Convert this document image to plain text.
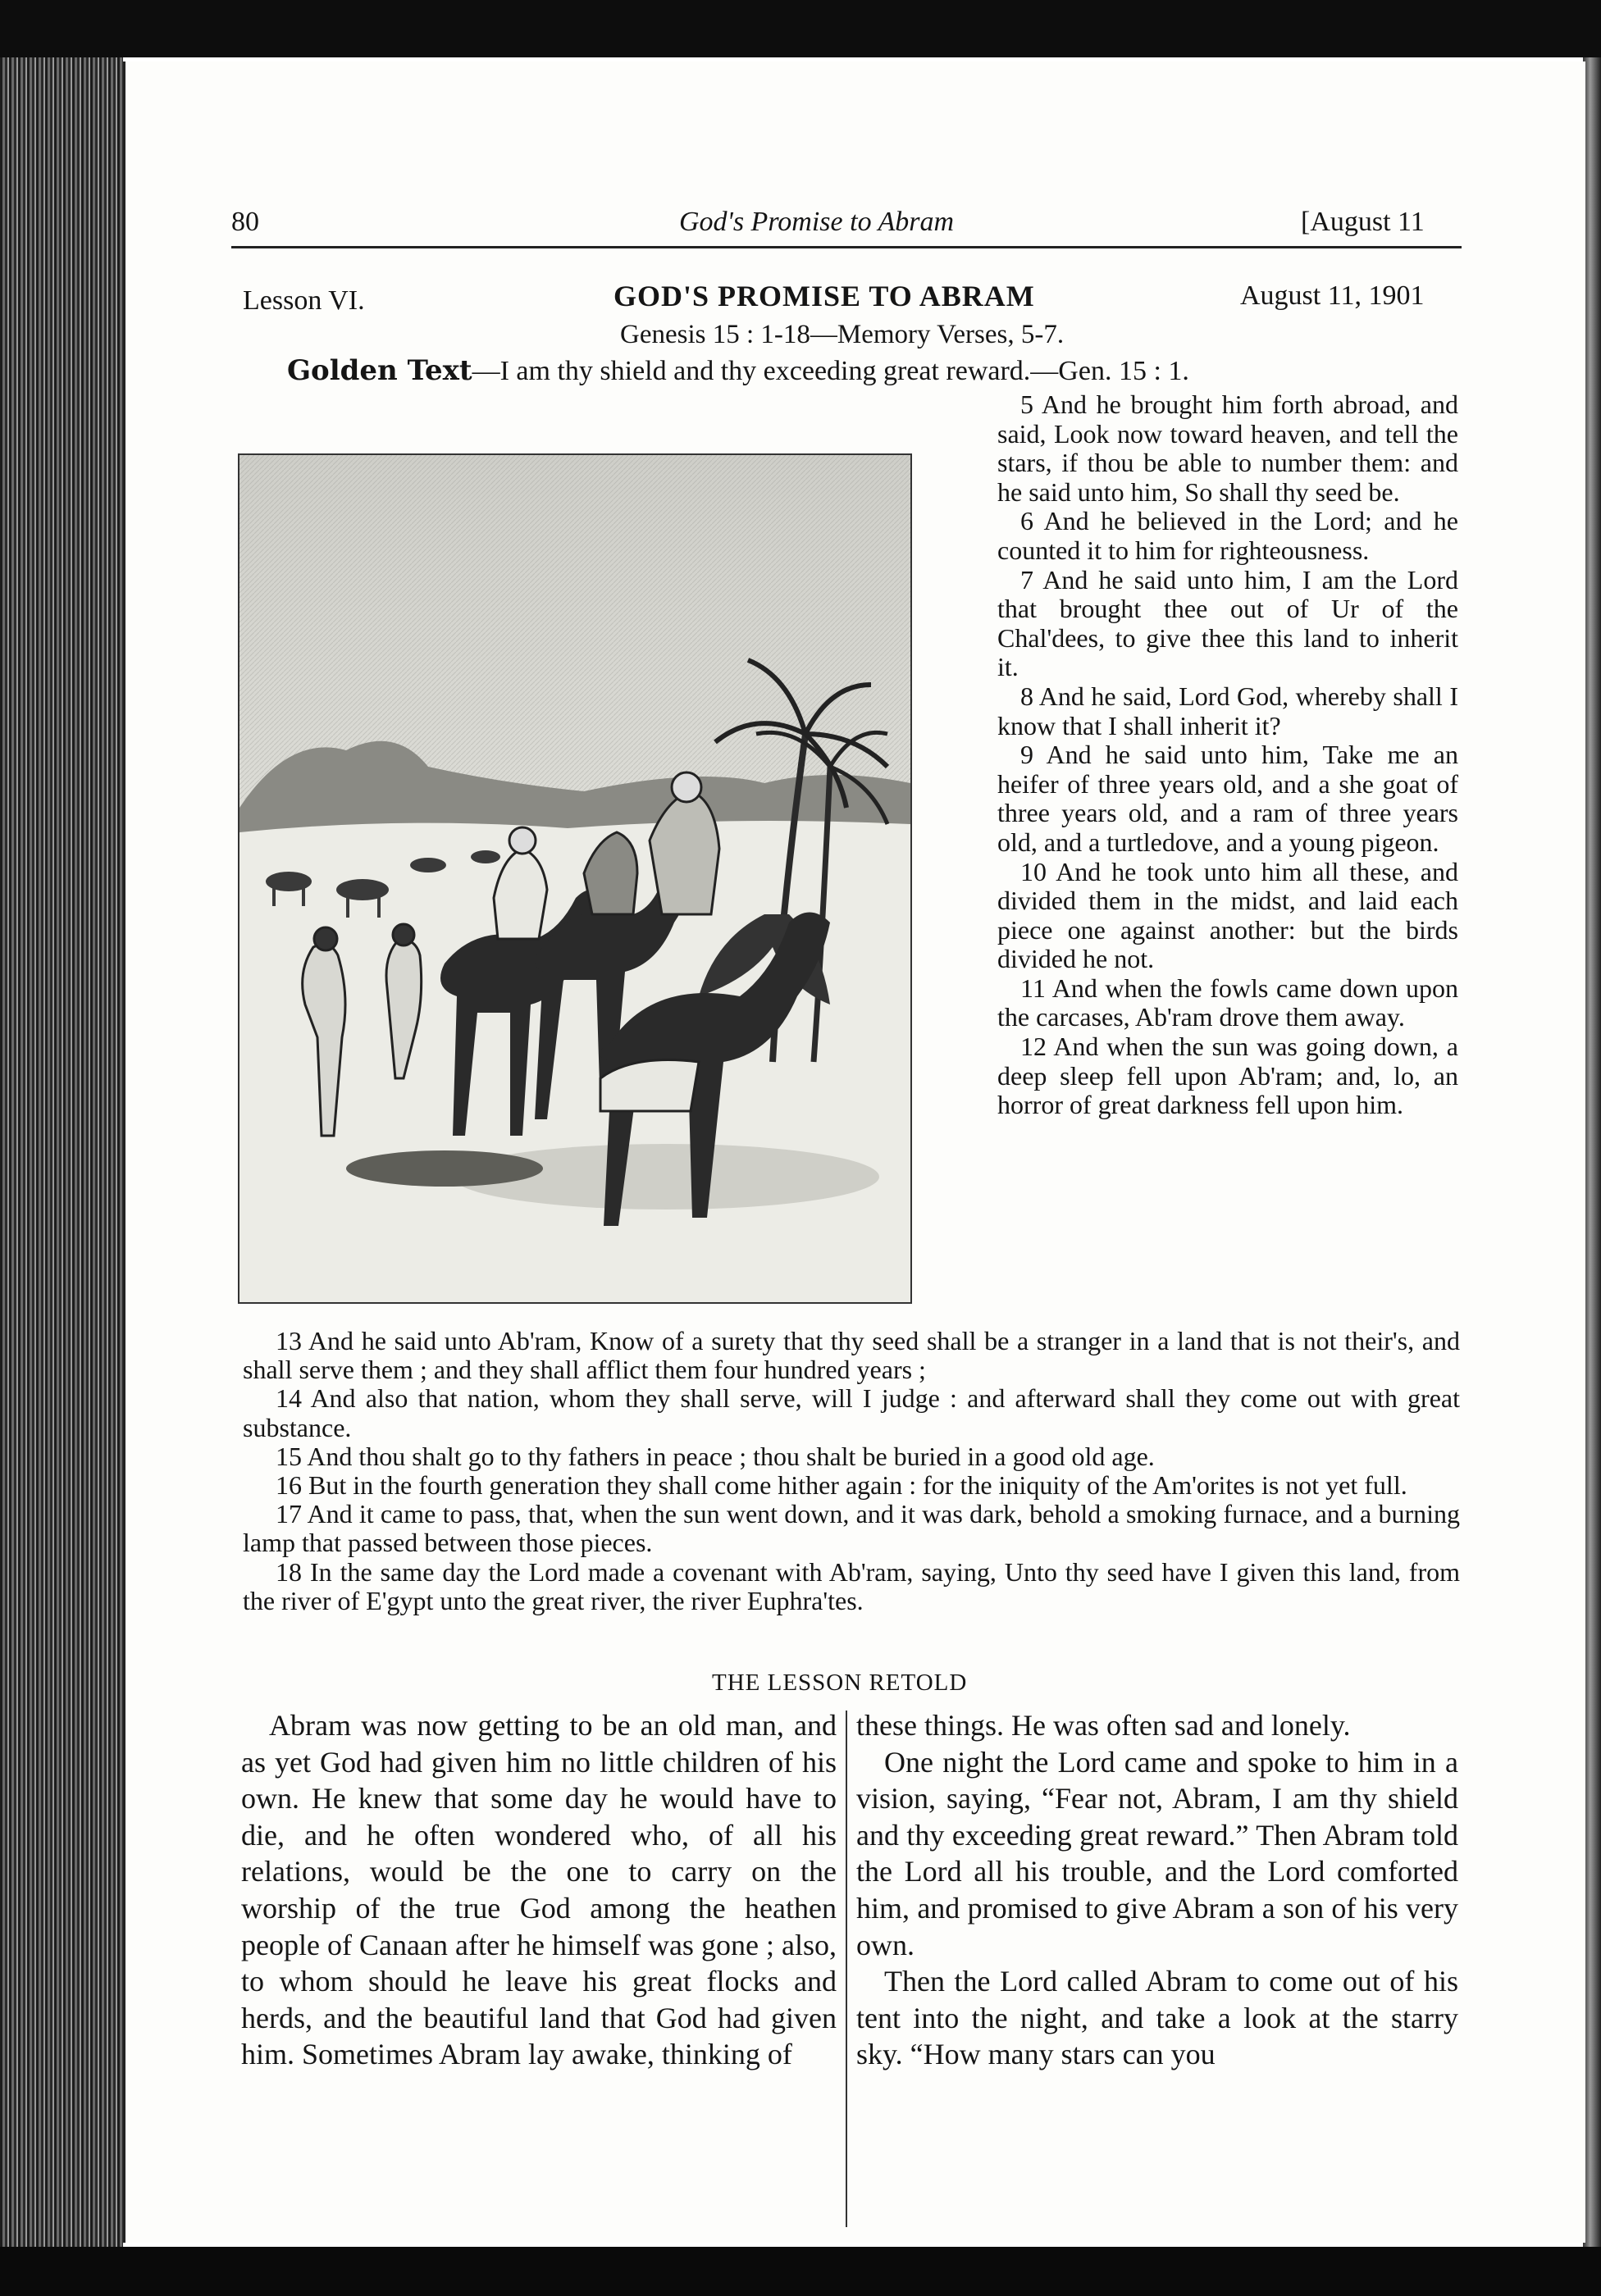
80	God's Promise to Abram	[August 11
Lesson VI.	GOD'S PROMISE TO ABRAM	August 11, 1901
Genesis 15 : 1-18—Memory Verses, 5-7.
Golden Text—I am thy shield and thy exceeding great reward.—Gen. 15 : 1.

5 And he brought him forth abroad, and said, Look now toward heaven, and tell the stars, if thou be able to number them: and he said unto him, So shall thy seed be.

6 And he believed in the Lord; and he counted it to him for righteousness.

7 And he said unto him, I am the Lord that brought thee out of Ur of the Chal'dees, to give thee this land to inherit it.

8 And he said, Lord God, whereby shall I know that I shall inherit it?

9 And he said unto him, Take me an heifer of three years old, and a she goat of three years old, and a ram of three years old, and a turtledove, and a young pigeon.

10 And he took unto him all these, and divided them in the midst, and laid each piece one against another: but the birds divided he not.

11 And when the fowls came down upon the carcases, Ab'ram drove them away.

12 And when the sun was going down, a deep sleep fell upon Ab'ram; and, lo, an horror of great darkness fell upon him.

13 And he said unto Ab'ram, Know of a surety that thy seed shall be a stranger in a land that is not their's, and shall serve them ; and they shall afflict them four hundred years ;

14 And also that nation, whom they shall serve, will I judge : and afterward shall they come out with great substance.

15 And thou shalt go to thy fathers in peace ; thou shalt be buried in a good old age.

16 But in the fourth generation they shall come hither again : for the iniquity of the Am'orites is not yet full.

17 And it came to pass, that, when the sun went down, and it was dark, behold a smoking furnace, and a burning lamp that passed between those pieces.

18 In the same day the Lord made a covenant with Ab'ram, saying, Unto thy seed have I given this land, from the river of E'gypt unto the great river, the river Euphra'tes.

THE LESSON RETOLD

Abram was now getting to be an old man, and as yet God had given him no little children of his own. He knew that some day he would have to die, and he often wondered who, of all his relations, would be the one to carry on the worship of the true God among the heathen people of Canaan after he himself was gone ; also, to whom should he leave his great flocks and herds, and the beautiful land that God had given him. Sometimes Abram lay awake, thinking of

these things. He was often sad and lonely.

One night the Lord came and spoke to him in a vision, saying, “Fear not, Abram, I am thy shield and thy exceeding great reward.” Then Abram told the Lord all his trouble, and the Lord comforted him, and promised to give Abram a son of his very own.

Then the Lord called Abram to come out of his tent into the night, and take a look at the starry sky. “How many stars can you
